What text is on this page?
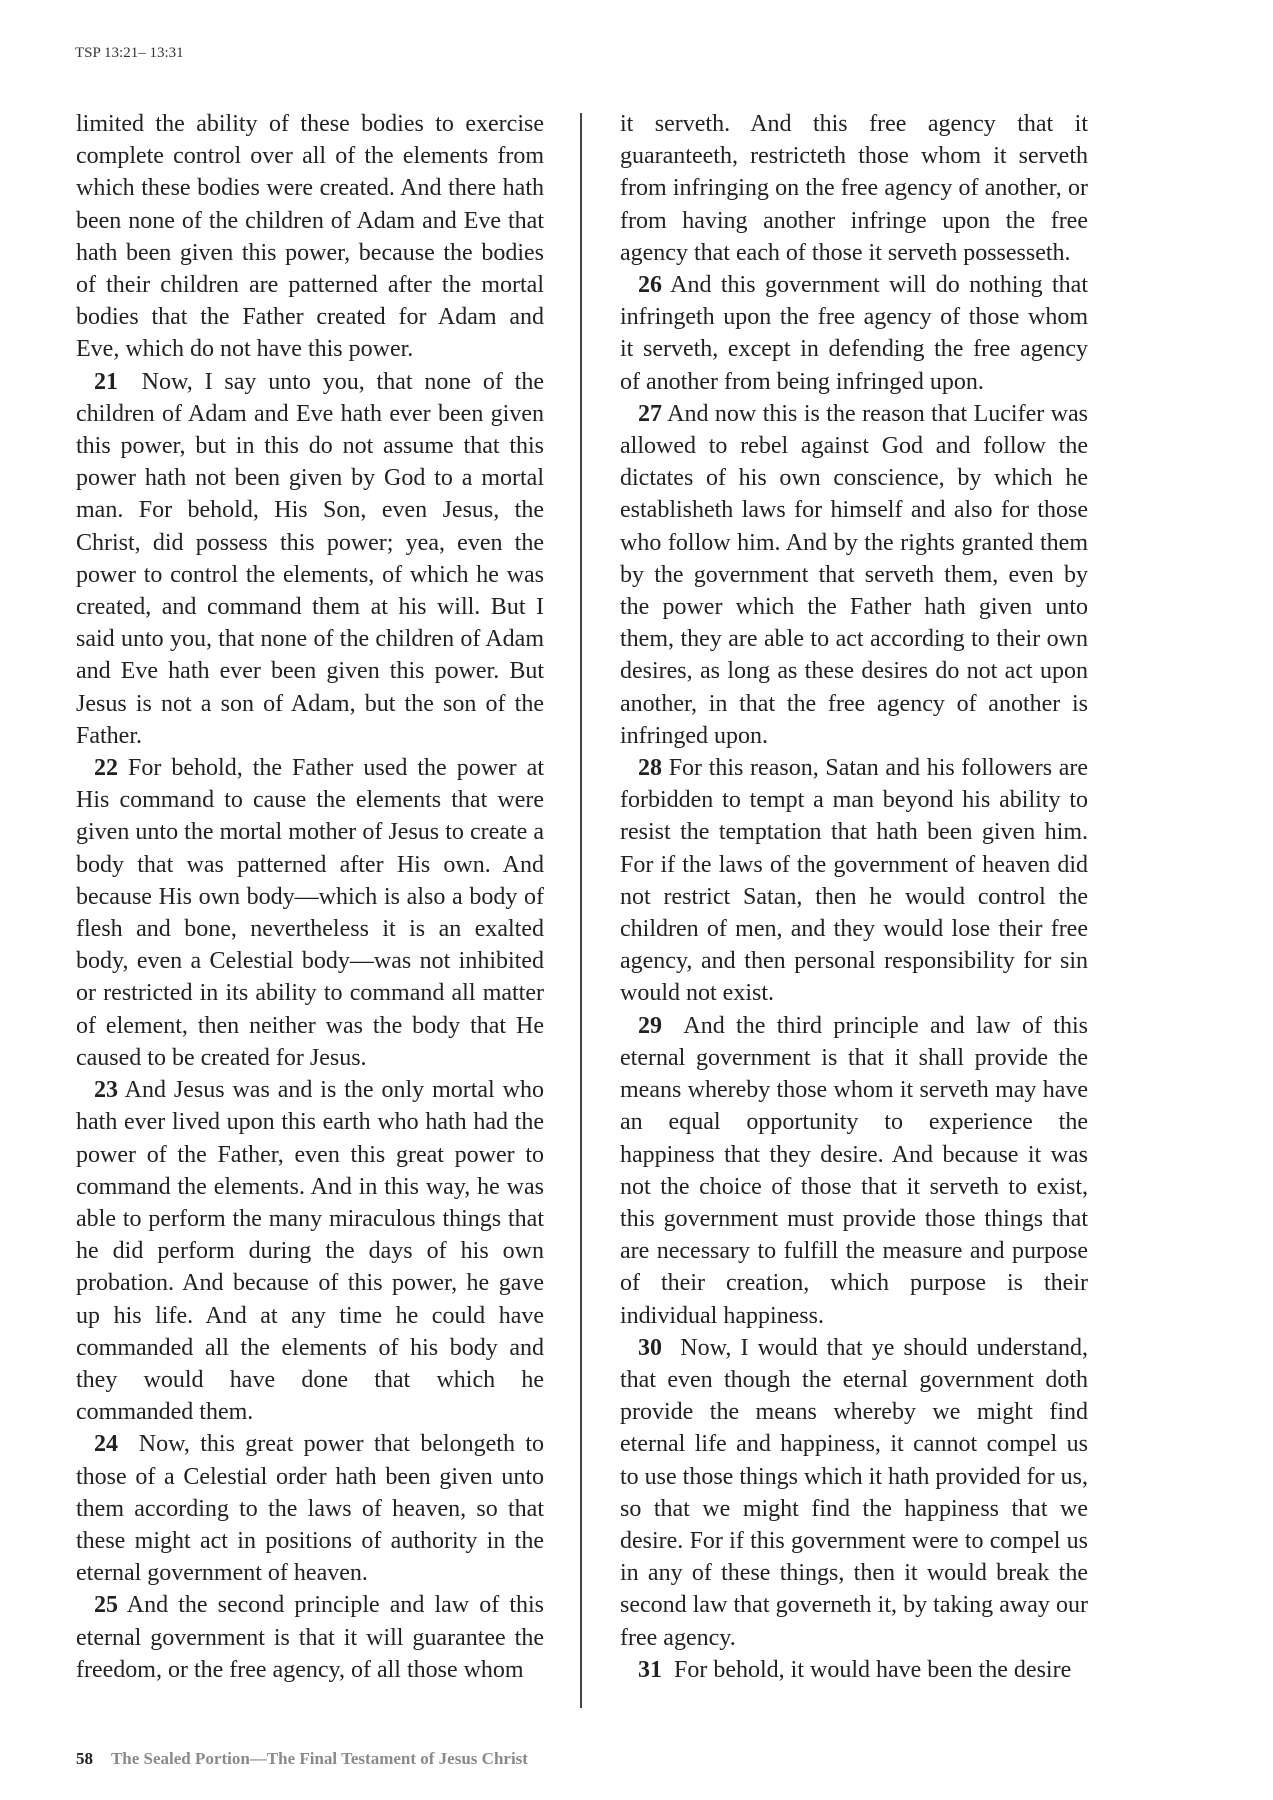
TSP 13:21– 13:31

limited the ability of these bodies to exercise complete control over all of the elements from which these bodies were created. And there hath been none of the children of Adam and Eve that hath been given this power, because the bodies of their children are patterned after the mortal bodies that the Father created for Adam and Eve, which do not have this power.

21 Now, I say unto you, that none of the children of Adam and Eve hath ever been given this power, but in this do not assume that this power hath not been given by God to a mortal man. For behold, His Son, even Jesus, the Christ, did possess this power; yea, even the power to control the elements, of which he was created, and command them at his will. But I said unto you, that none of the children of Adam and Eve hath ever been given this power. But Jesus is not a son of Adam, but the son of the Father.

22 For behold, the Father used the power at His command to cause the elements that were given unto the mortal mother of Jesus to create a body that was patterned after His own. And because His own body—which is also a body of flesh and bone, nevertheless it is an exalted body, even a Celestial body—was not inhibited or restricted in its ability to command all matter of element, then neither was the body that He caused to be created for Jesus.

23 And Jesus was and is the only mortal who hath ever lived upon this earth who hath had the power of the Father, even this great power to command the elements. And in this way, he was able to perform the many miraculous things that he did perform during the days of his own probation. And because of this power, he gave up his life. And at any time he could have commanded all the elements of his body and they would have done that which he commanded them.

24 Now, this great power that belongeth to those of a Celestial order hath been given unto them according to the laws of heaven, so that these might act in positions of authority in the eternal government of heaven.

25 And the second principle and law of this eternal government is that it will guarantee the freedom, or the free agency, of all those whom

it serveth. And this free agency that it guaranteeth, restricteth those whom it serveth from infringing on the free agency of another, or from having another infringe upon the free agency that each of those it serveth possesseth.

26 And this government will do nothing that infringeth upon the free agency of those whom it serveth, except in defending the free agency of another from being infringed upon.

27 And now this is the reason that Lucifer was allowed to rebel against God and follow the dictates of his own conscience, by which he establisheth laws for himself and also for those who follow him. And by the rights granted them by the government that serveth them, even by the power which the Father hath given unto them, they are able to act according to their own desires, as long as these desires do not act upon another, in that the free agency of another is infringed upon.

28 For this reason, Satan and his followers are forbidden to tempt a man beyond his ability to resist the temptation that hath been given him. For if the laws of the government of heaven did not restrict Satan, then he would control the children of men, and they would lose their free agency, and then personal responsibility for sin would not exist.

29 And the third principle and law of this eternal government is that it shall provide the means whereby those whom it serveth may have an equal opportunity to experience the happiness that they desire. And because it was not the choice of those that it serveth to exist, this government must provide those things that are necessary to fulfill the measure and purpose of their creation, which purpose is their individual happiness.

30 Now, I would that ye should understand, that even though the eternal government doth provide the means whereby we might find eternal life and happiness, it cannot compel us to use those things which it hath provided for us, so that we might find the happiness that we desire. For if this government were to compel us in any of these things, then it would break the second law that governeth it, by taking away our free agency.

31 For behold, it would have been the desire

58 The Sealed Portion—The Final Testament of Jesus Christ
